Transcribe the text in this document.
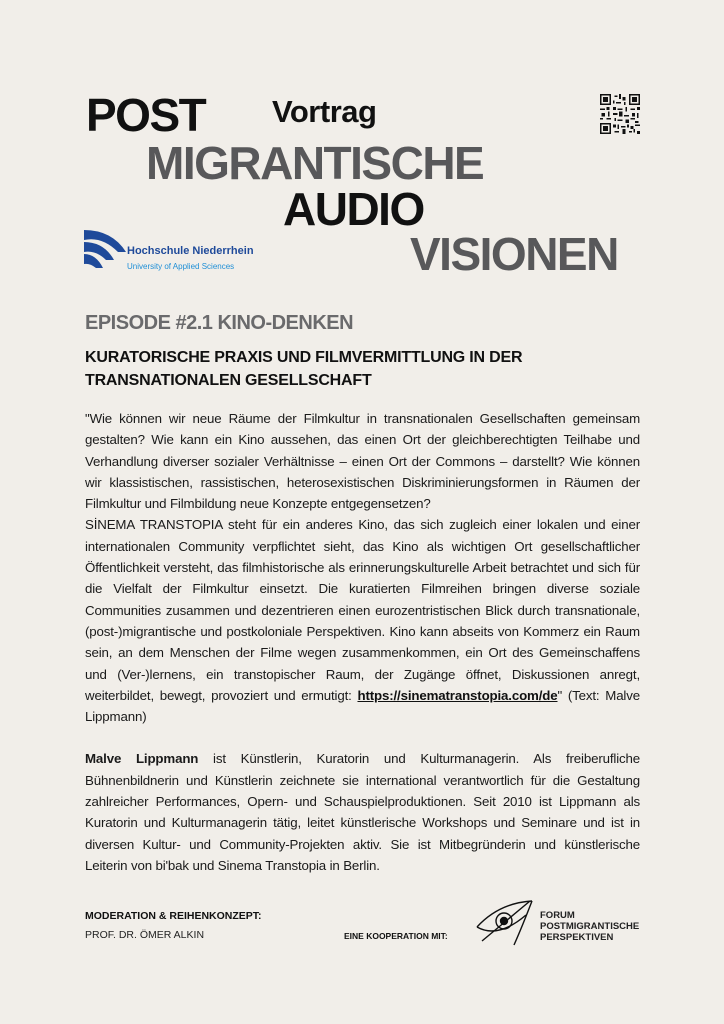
POST Vortrag
MIGRANTISCHE
AUDIO
VISIONEN
Hochschule Niederrhein
University of Applied Sciences
EPISODE #2.1 KINO-DENKEN
KURATORISCHE PRAXIS UND FILMVERMITTLUNG IN DER TRANSNATIONALEN GESELLSCHAFT

"Wie können wir neue Räume der Filmkultur in transnationalen Gesellschaften gemeinsam gestalten? Wie kann ein Kino aussehen, das einen Ort der gleichberechtigten Teilhabe und Verhandlung diverser sozialer Verhältnisse – einen Ort der Commons – darstellt? Wie können wir klassistischen, rassistischen, heterosexistischen Diskriminierungsformen in Räumen der Filmkultur und Filmbildung neue Konzepte entgegensetzen?

SİNEMA TRANSTOPIA steht für ein anderes Kino, das sich zugleich einer lokalen und einer internationalen Community verpflichtet sieht, das Kino als wichtigen Ort gesellschaftlicher Öffentlichkeit versteht, das filmhistorische als erinnerungskulturelle Arbeit betrachtet und sich für die Vielfalt der Filmkultur einsetzt. Die kuratierten Filmreihen bringen diverse soziale Communities zusammen und dezentrieren einen eurozentristischen Blick durch transnationale, (post-)migrantische und postkoloniale Perspektiven. Kino kann abseits von Kommerz ein Raum sein, an dem Menschen der Filme wegen zusammenkommen, ein Ort des Gemeinschaffens und (Ver-)lernens, ein transtopischer Raum, der Zugänge öffnet, Diskussionen anregt, weiterbildet, bewegt, provoziert und ermutigt: https://sinematranstopia.com/de" (Text: Malve Lippmann)

Malve Lippmann ist Künstlerin, Kuratorin und Kulturmanagerin. Als freiberufliche Bühnenbildnerin und Künstlerin zeichnete sie international verantwortlich für die Gestaltung zahlreicher Performances, Opern- und Schauspielproduktionen. Seit 2010 ist Lippmann als Kuratorin und Kulturmanagerin tätig, leitet künstlerische Workshops und Seminare und ist in diversen Kultur- und Community-Projekten aktiv. Sie ist Mitbegründerin und künstlerische Leiterin von bi'bak und Sinema Transtopia in Berlin.

MODERATION & REIHENKONZEPT:
PROF. DR. ÖMER ALKIN	EINE KOOPERATION MIT:
FORUM
POSTMIGRANTISCHE
PERSPEKTIVEN
